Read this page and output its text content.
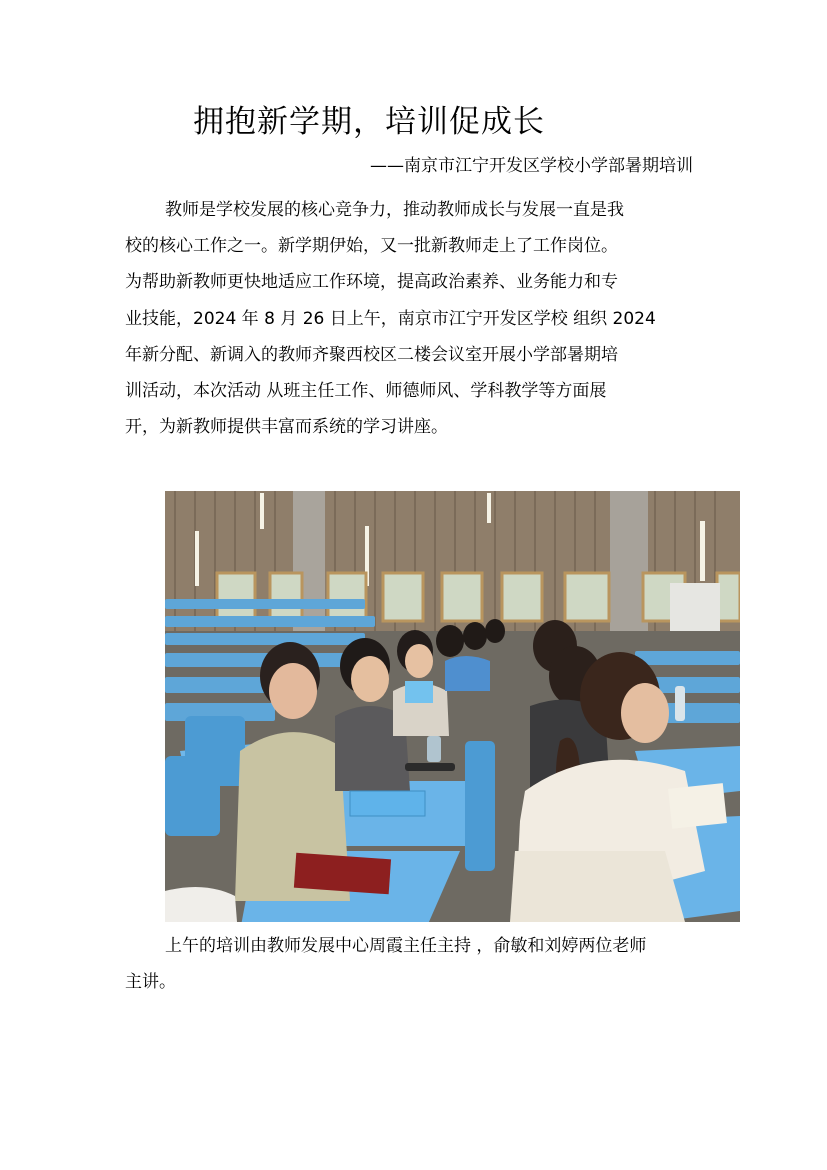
拥抱新学期，培训促成长
——南京市江宁开发区学校小学部暑期培训

教师是学校发展的核心竞争力，推动教师成长与发展一直是我
校的核心工作之一。新学期伊始，又一批新教师走上了工作岗位。
为帮助新教师更快地适应工作环境，提高政治素养、业务能力和专
业技能，2024 年 8 月 26 日上午，南京市江宁开发区学校 组织 2024
年新分配、新调入的教师齐聚西校区二楼会议室开展小学部暑期培
训活动，本次活动 从班主任工作、师德师风、学科教学等方面展
开，为新教师提供丰富而系统的学习讲座。

上午的培训由教师发展中心周霞主任主持 ，俞敏和刘婷两位老师
主讲。
